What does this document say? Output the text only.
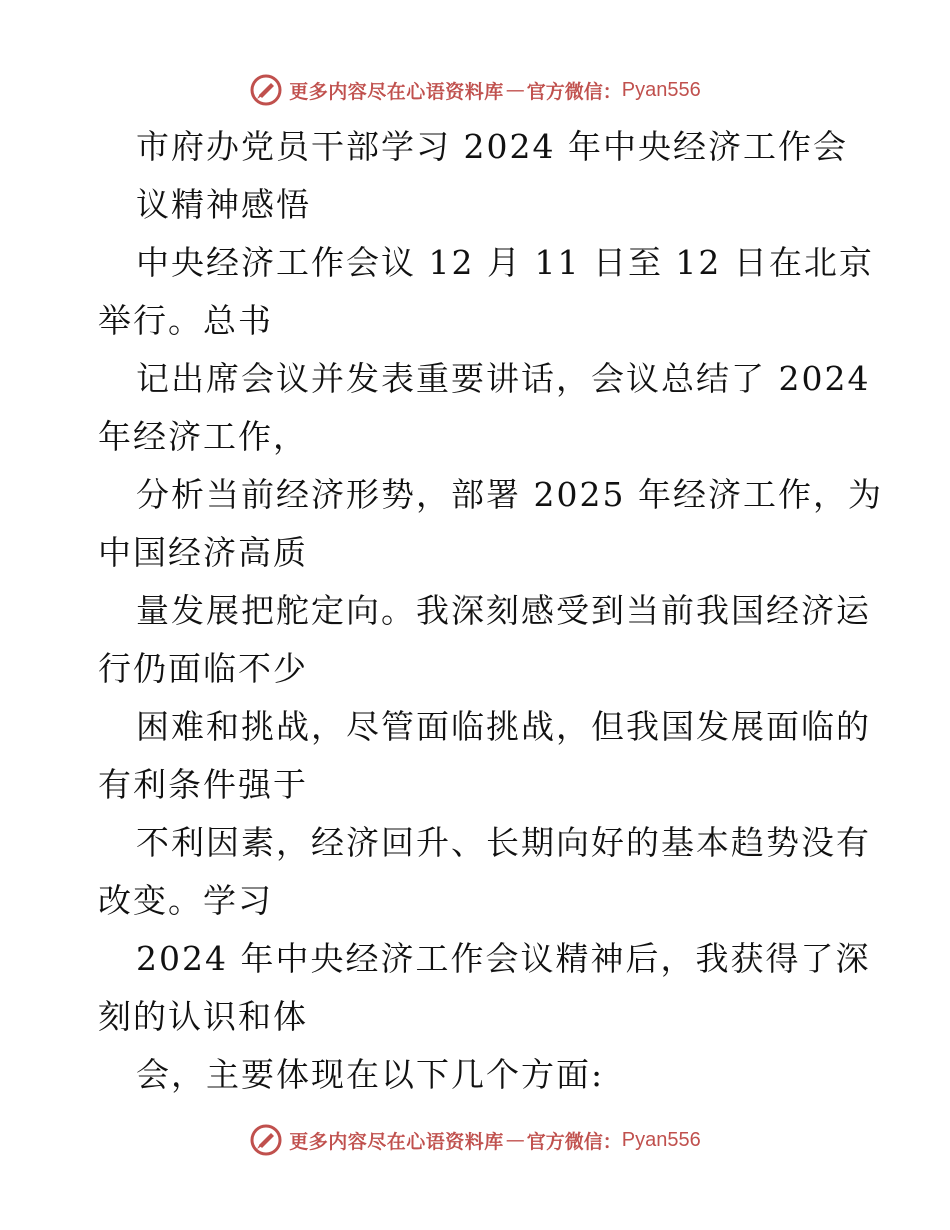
更多内容尽在心语资料库 — 官方微信： Pyan556
市府办党员干部学习 2024 年中央经济工作会
议精神感悟
中央经济工作会议 12 月 11 日至 12 日在北京
举行。总书
记出席会议并发表重要讲话，会议总结了 2024
年经济工作，
分析当前经济形势，部署 2025 年经济工作，为
中国经济高质
量发展把舵定向。我深刻感受到当前我国经济运
行仍面临不少
困难和挑战，尽管面临挑战，但我国发展面临的
有利条件强于
不利因素，经济回升、长期向好的基本趋势没有
改变。学习
2024 年中央经济工作会议精神后，我获得了深
刻的认识和体
会，主要体现在以下几个方面:
更多内容尽在心语资料库 — 官方微信： Pyan556
